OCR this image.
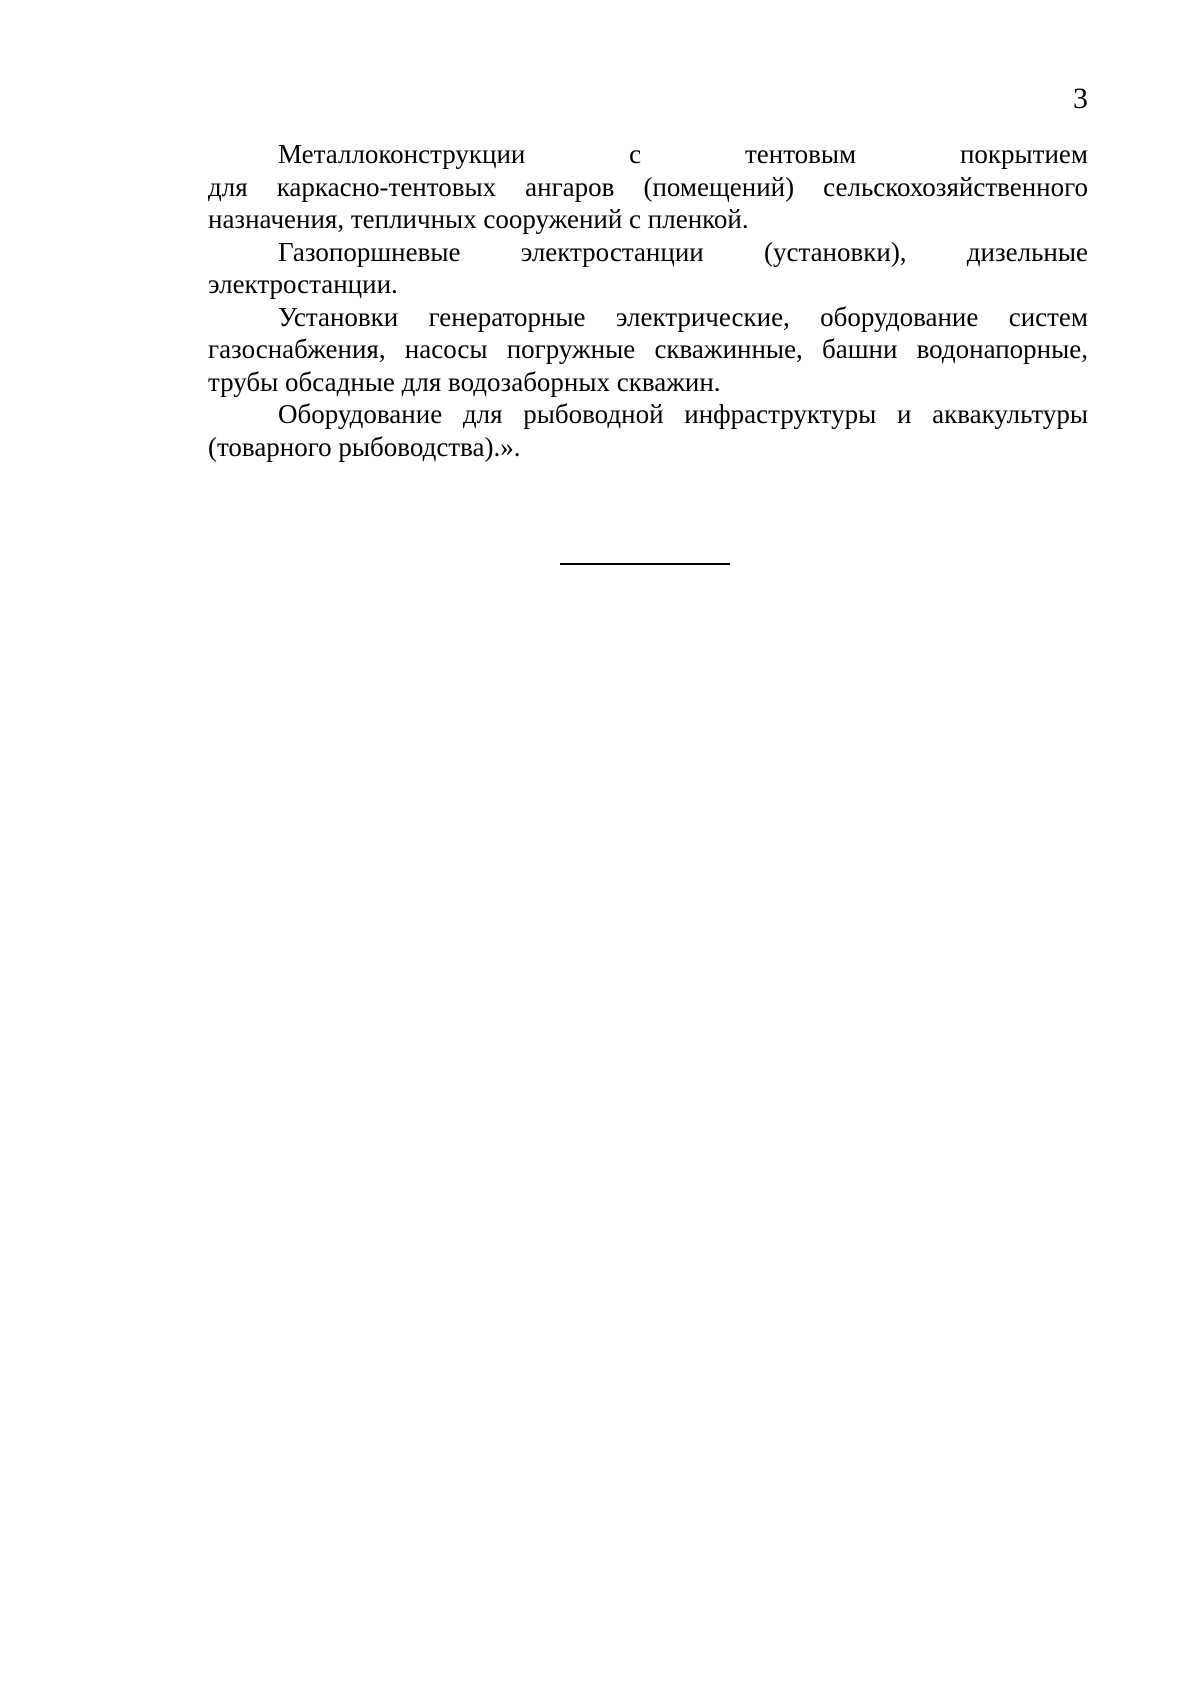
3

Металлоконструкции с тентовым покрытием
для каркасно-тентовых ангаров (помещений) сельскохозяйственного
назначения, тепличных сооружений с пленкой.

Газопоршневые электростанции (установки), дизельные
электростанции.

Установки генераторные электрические, оборудование систем
газоснабжения, насосы погружные скважинные, башни водонапорные,
трубы обсадные для водозаборных скважин.

Оборудование для рыбоводной инфраструктуры и аквакультуры
(товарного рыбоводства).».
